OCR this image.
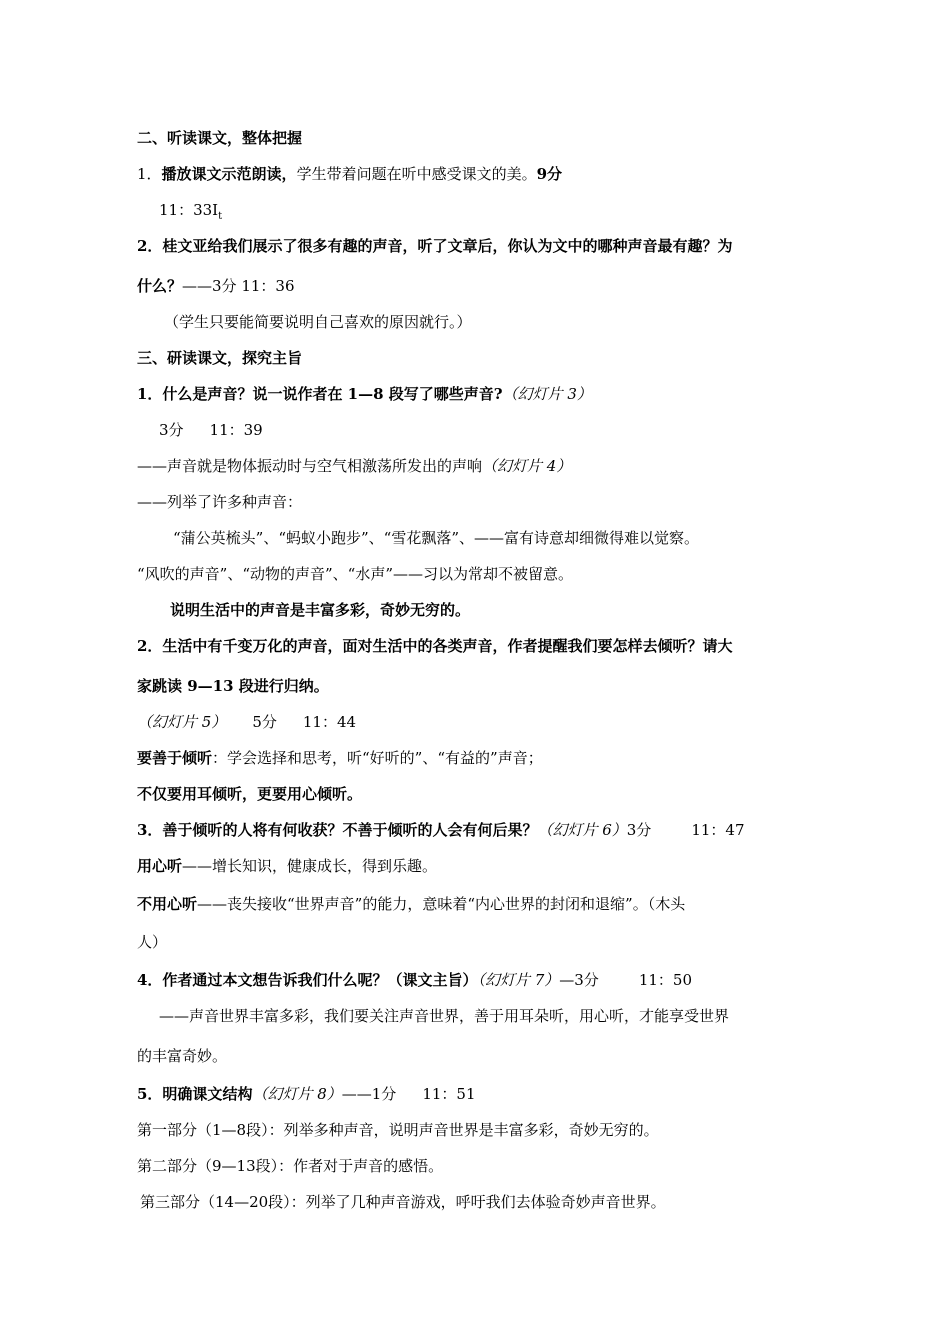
二、听读课文，整体把握
1．播放课文示范朗读，学生带着问题在听中感受课文的美。9分
11：$33I_t$
2．桂文亚给我们展示了很多有趣的声音，听了文章后，你认为文中的哪种声音最有趣？为
什么？——3分 11：36
（学生只要能简要说明自己喜欢的原因就行。）
三、研读课文，探究主旨
1．什么是声音？说一说作者在 1—8 段写了哪些声音?（幻灯片 3）
3分 11：39
——声音就是物体振动时与空气相激荡所发出的声响（幻灯片 4）
——列举了许多种声音：
“蒲公英梳头”、“蚂蚁小跑步”、“雪花飘落”、——富有诗意却细微得难以觉察。
“风吹的声音”、“动物的声音”、“水声”——习以为常却不被留意。
说明生活中的声音是丰富多彩，奇妙无穷的。
2．生活中有千变万化的声音，面对生活中的各类声音，作者提醒我们要怎样去倾听？请大
家跳读 9—13 段进行归纳。
（幻灯片 5） 5分 11：44
要善于倾听：学会选择和思考，听“好听的”、“有益的”声音；
不仅要用耳倾听，更要用心倾听。
3．善于倾听的人将有何收获？不善于倾听的人会有何后果？（幻灯片 6）3分	11：47
用心听——增长知识，健康成长，得到乐趣。
不用心听——丧失接收“世界声音”的能力，意味着“内心世界的封闭和退缩”。（木头
人）
4．作者通过本文想告诉我们什么呢？（课文主旨）（幻灯片 7）—3分	11：50
——声音世界丰富多彩，我们要关注声音世界，善于用耳朵听，用心听，才能享受世界
的丰富奇妙。
5．明确课文结构（幻灯片 8）——1分 11：51
第一部分（1—8段）：列举多种声音，说明声音世界是丰富多彩，奇妙无穷的。
第二部分（9—13段）：作者对于声音的感悟。
第三部分（14—20段）：列举了几种声音游戏，呼吁我们去体验奇妙声音世界。
